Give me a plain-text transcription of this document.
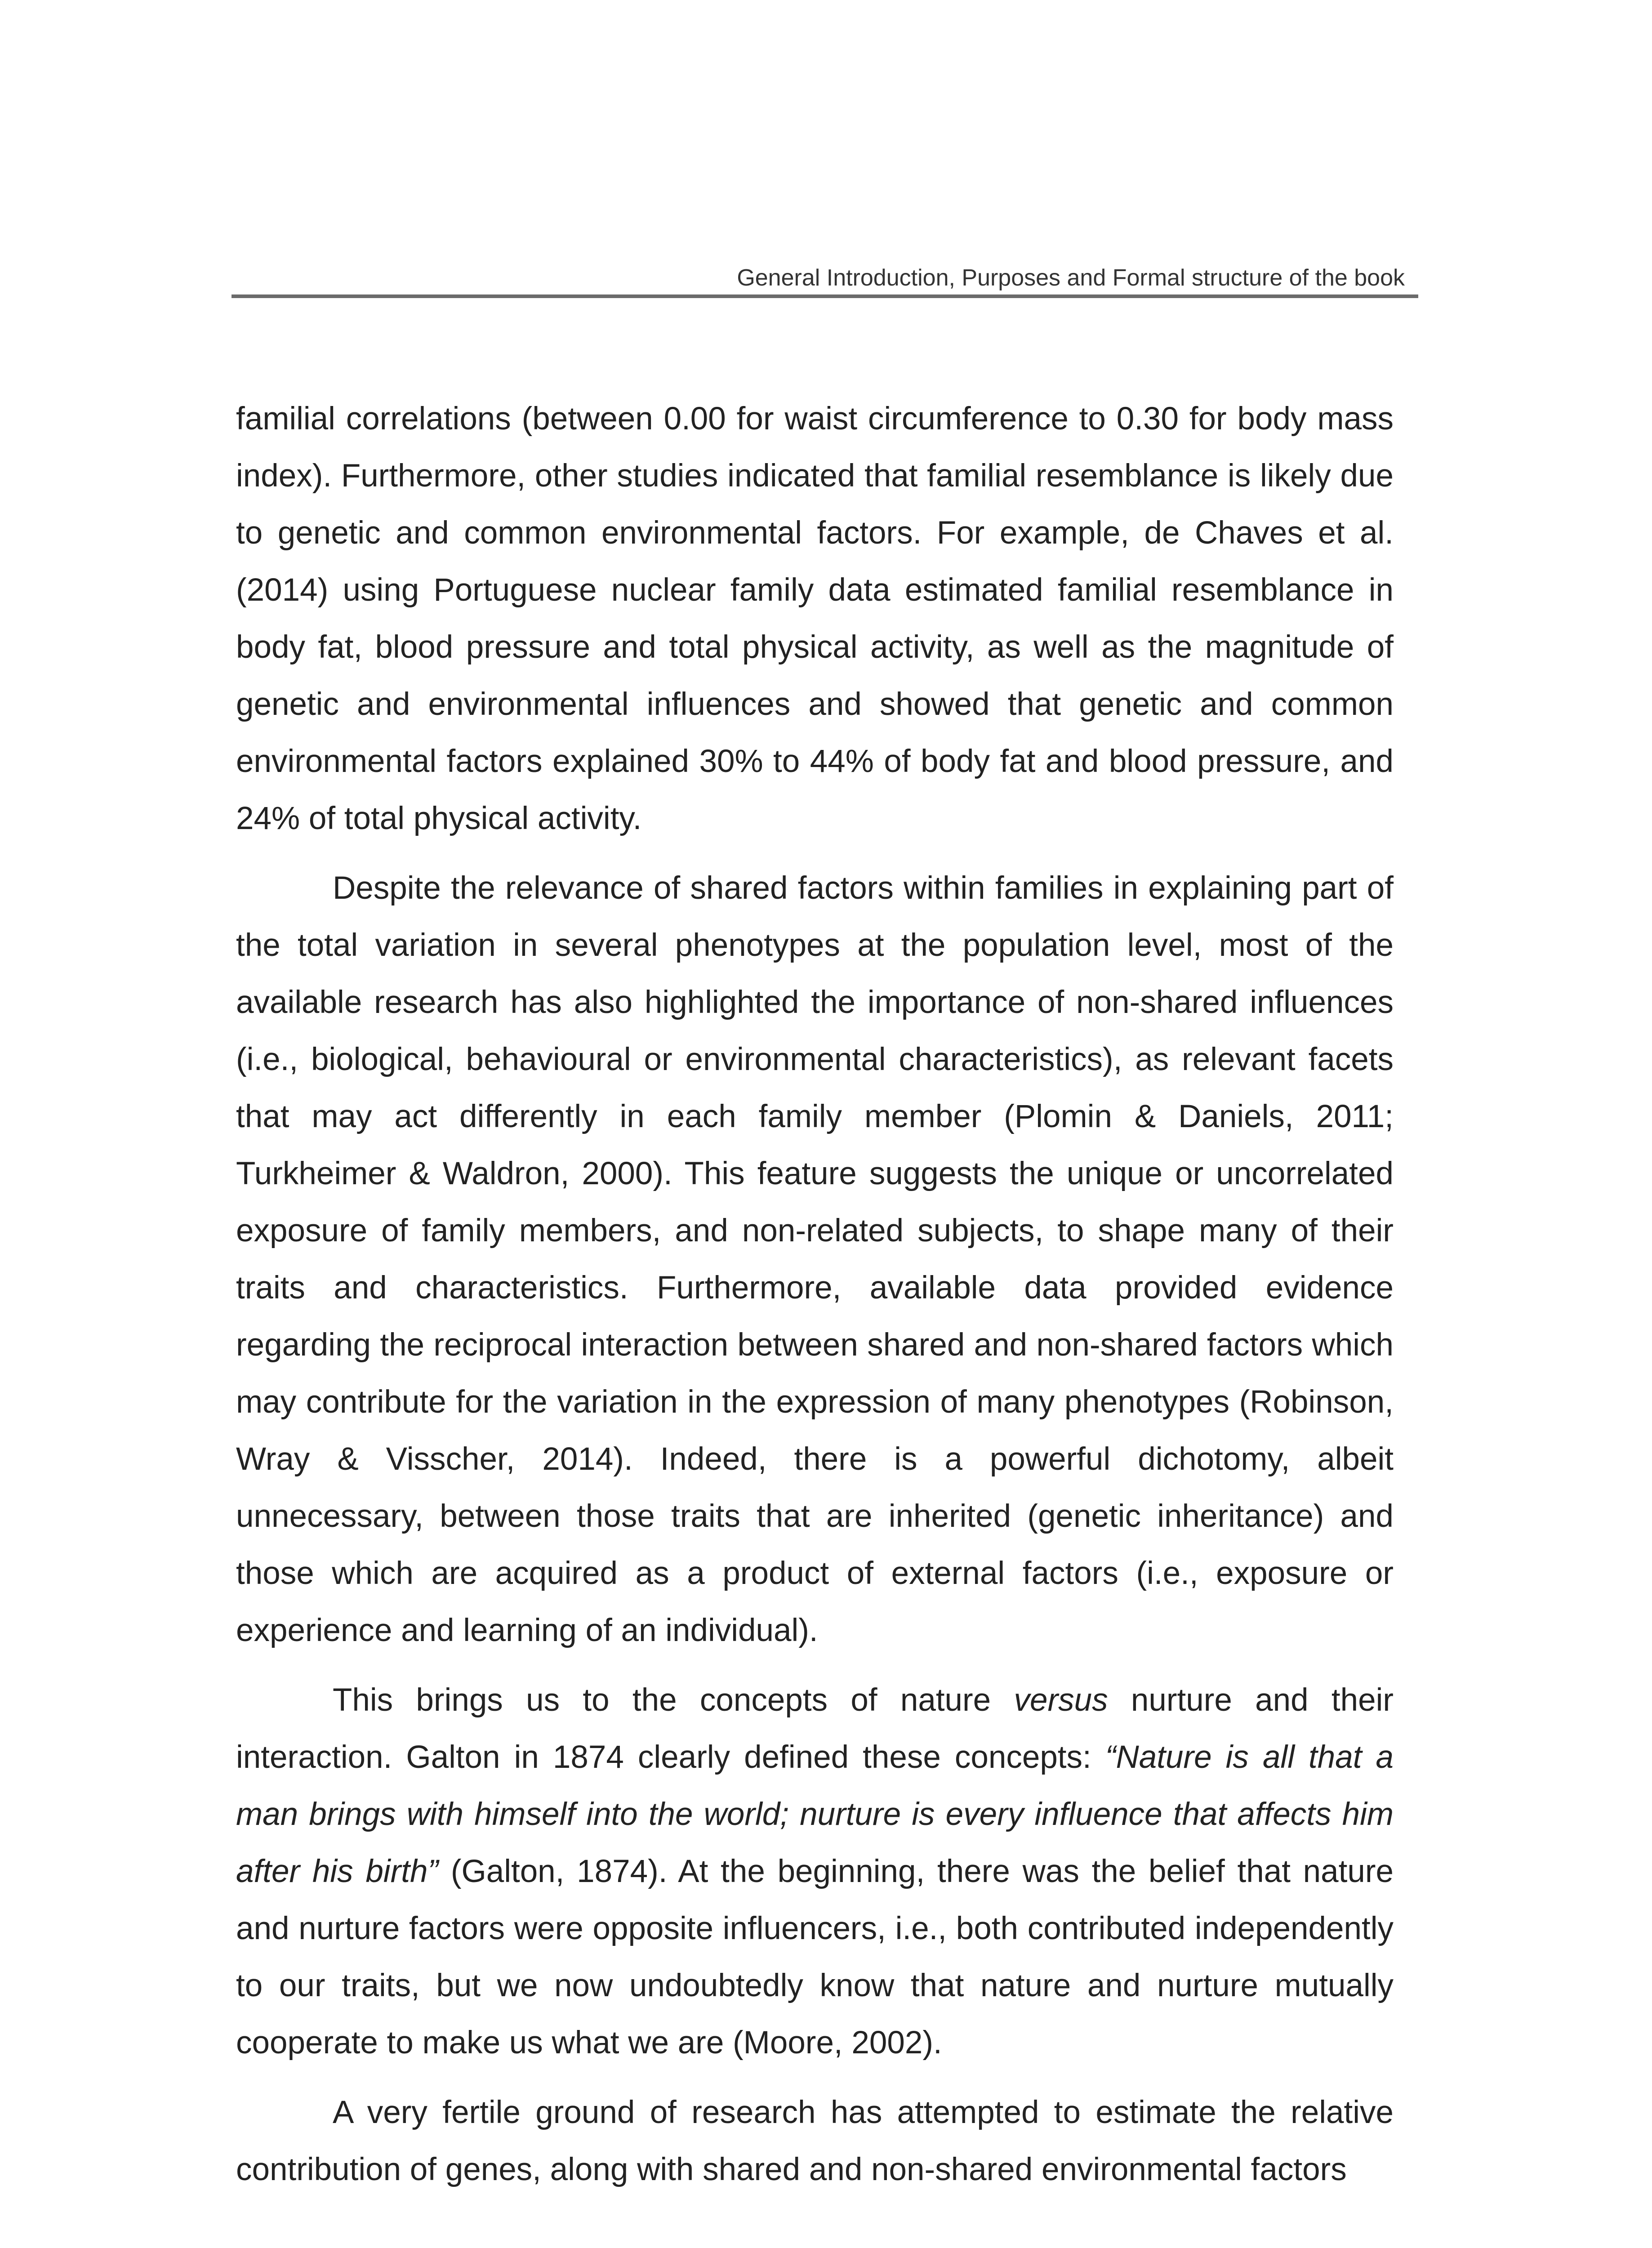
General Introduction, Purposes and Formal structure of the book

familial correlations (between 0.00 for waist circumference to 0.30 for body mass index). Furthermore, other studies indicated that familial resemblance is likely due to genetic and common environmental factors. For example, de Chaves et al. (2014) using Portuguese nuclear family data estimated familial resemblance in body fat, blood pressure and total physical activity, as well as the magnitude of genetic and environmental influences and showed that genetic and common environmental factors explained 30% to 44% of body fat and blood pressure, and 24% of total physical activity.

Despite the relevance of shared factors within families in explaining part of the total variation in several phenotypes at the population level, most of the available research has also highlighted the importance of non-shared influences (i.e., biological, behavioural or environmental characteristics), as relevant facets that may act differently in each family member (Plomin & Daniels, 2011; Turkheimer & Waldron, 2000). This feature suggests the unique or uncorrelated exposure of family members, and non-related subjects, to shape many of their traits and characteristics. Furthermore, available data provided evidence regarding the reciprocal interaction between shared and non-shared factors which may contribute for the variation in the expression of many phenotypes (Robinson, Wray & Visscher, 2014). Indeed, there is a powerful dichotomy, albeit unnecessary, between those traits that are inherited (genetic inheritance) and those which are acquired as a product of external factors (i.e., exposure or experience and learning of an individual).

This brings us to the concepts of nature versus nurture and their interaction. Galton in 1874 clearly defined these concepts: “Nature is all that a man brings with himself into the world; nurture is every influence that affects him after his birth” (Galton, 1874). At the beginning, there was the belief that nature and nurture factors were opposite influencers, i.e., both contributed independently to our traits, but we now undoubtedly know that nature and nurture mutually cooperate to make us what we are (Moore, 2002).

A very fertile ground of research has attempted to estimate the relative contribution of genes, along with shared and non-shared environmental factors
